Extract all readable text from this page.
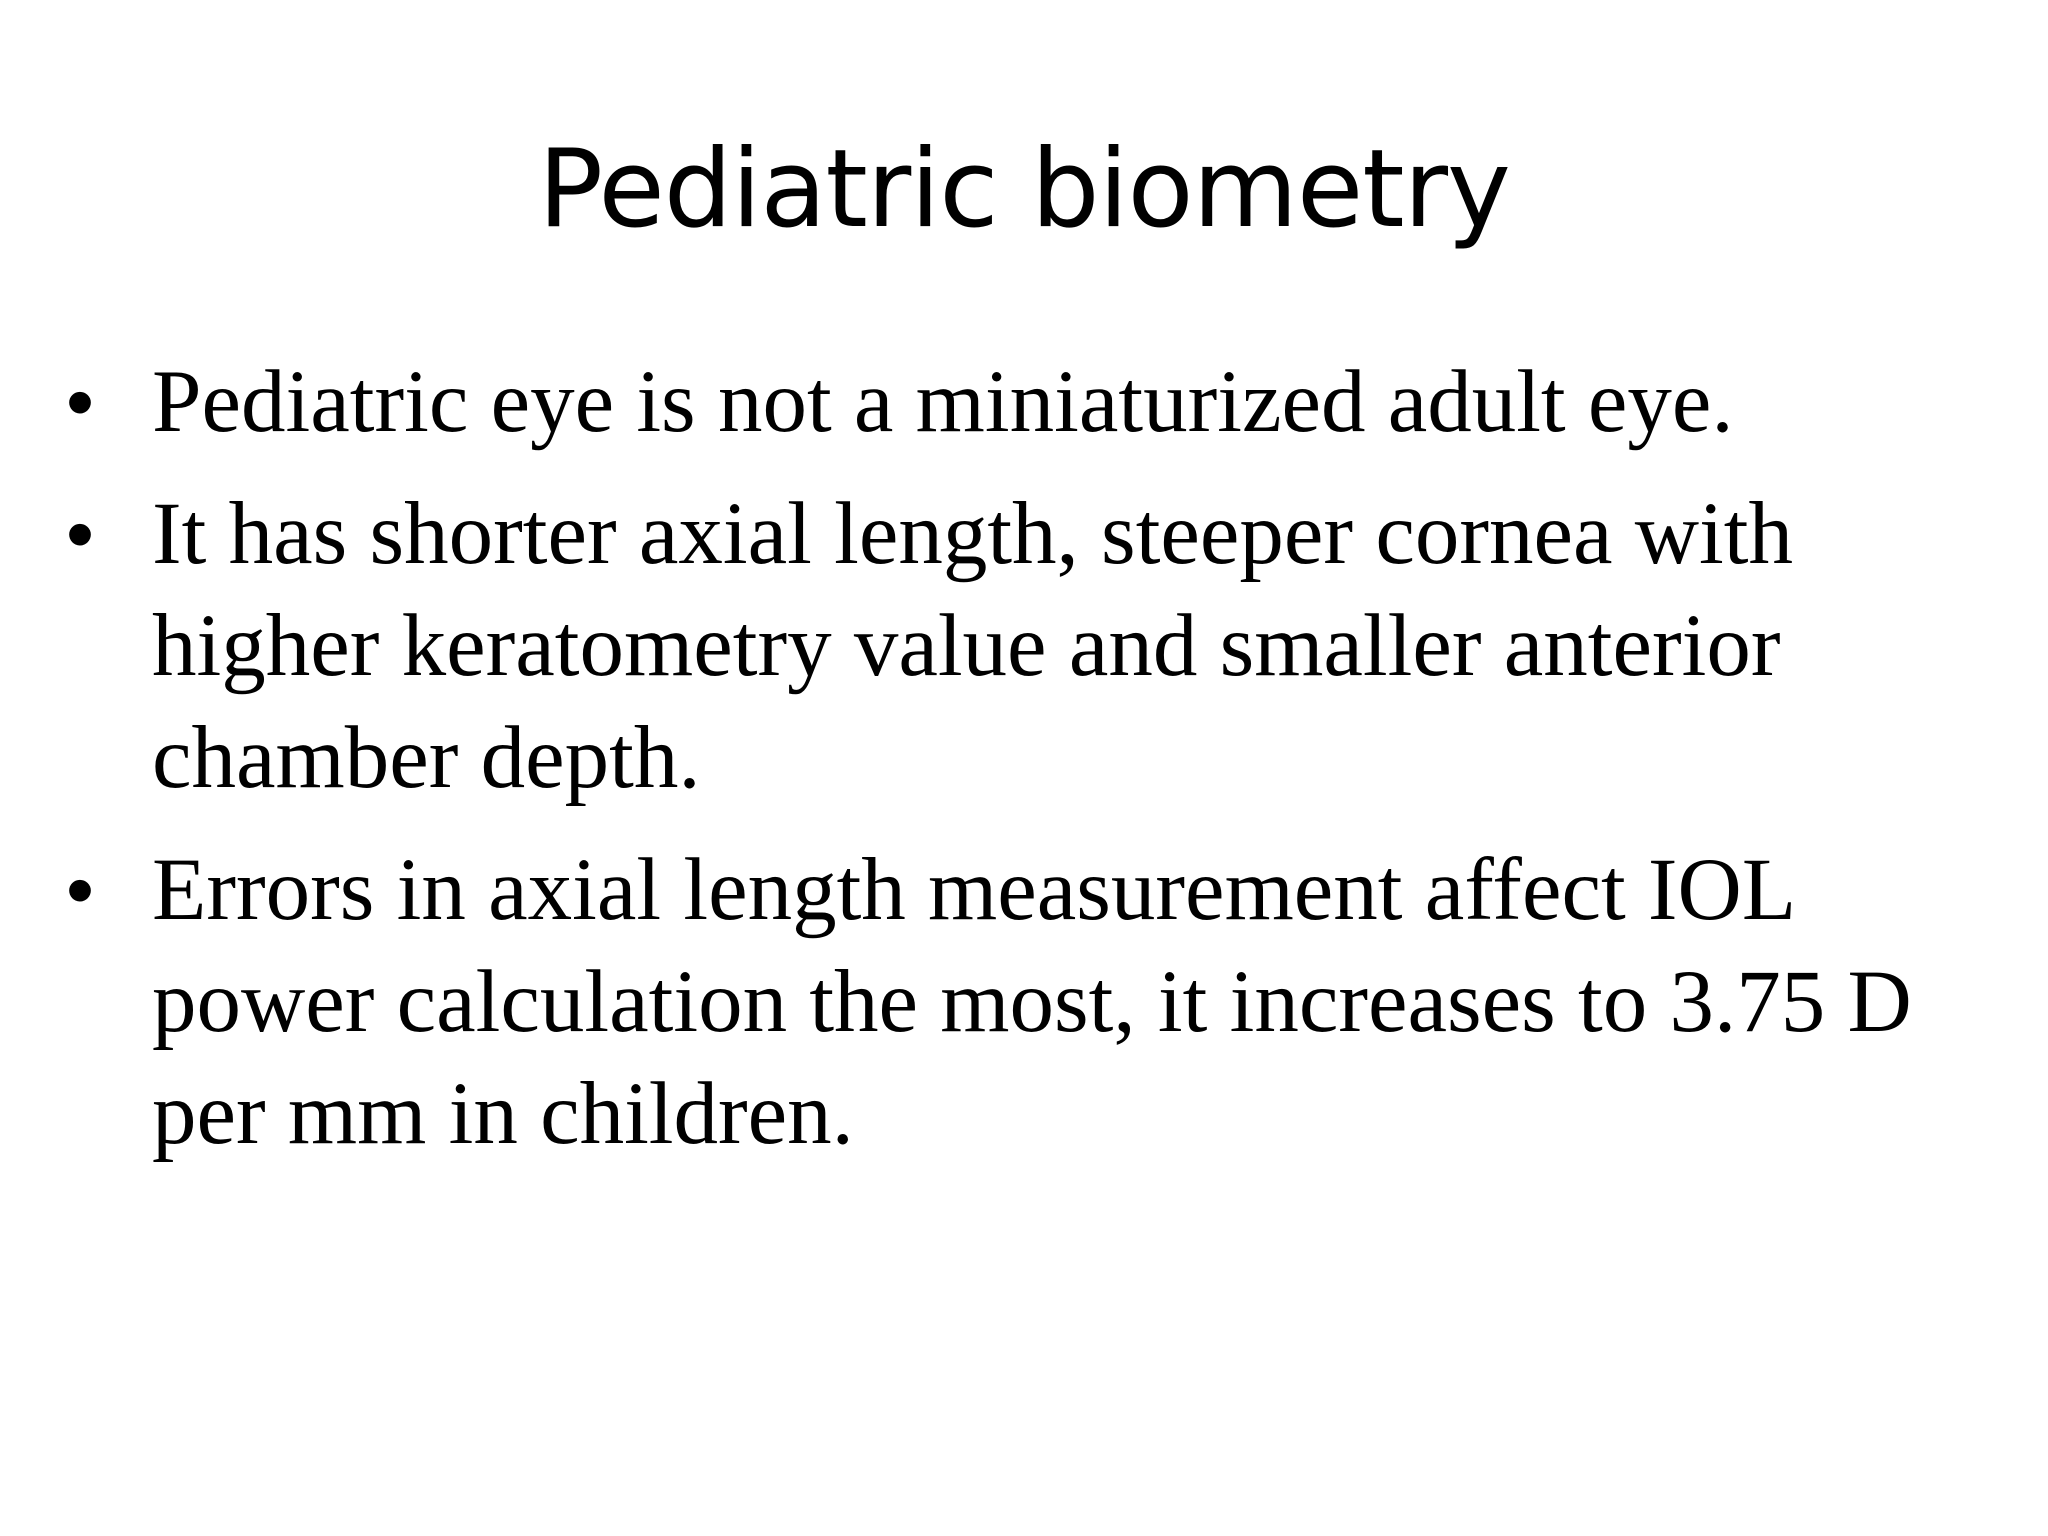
Pediatric biometry
• Pediatric eye is not a miniaturized adult eye.
• It has shorter axial length, steeper cornea with higher keratometry value and smaller anterior chamber depth.
• Errors in axial length measurement affect IOL power calculation the most, it increases to 3.75 D per mm in children.
